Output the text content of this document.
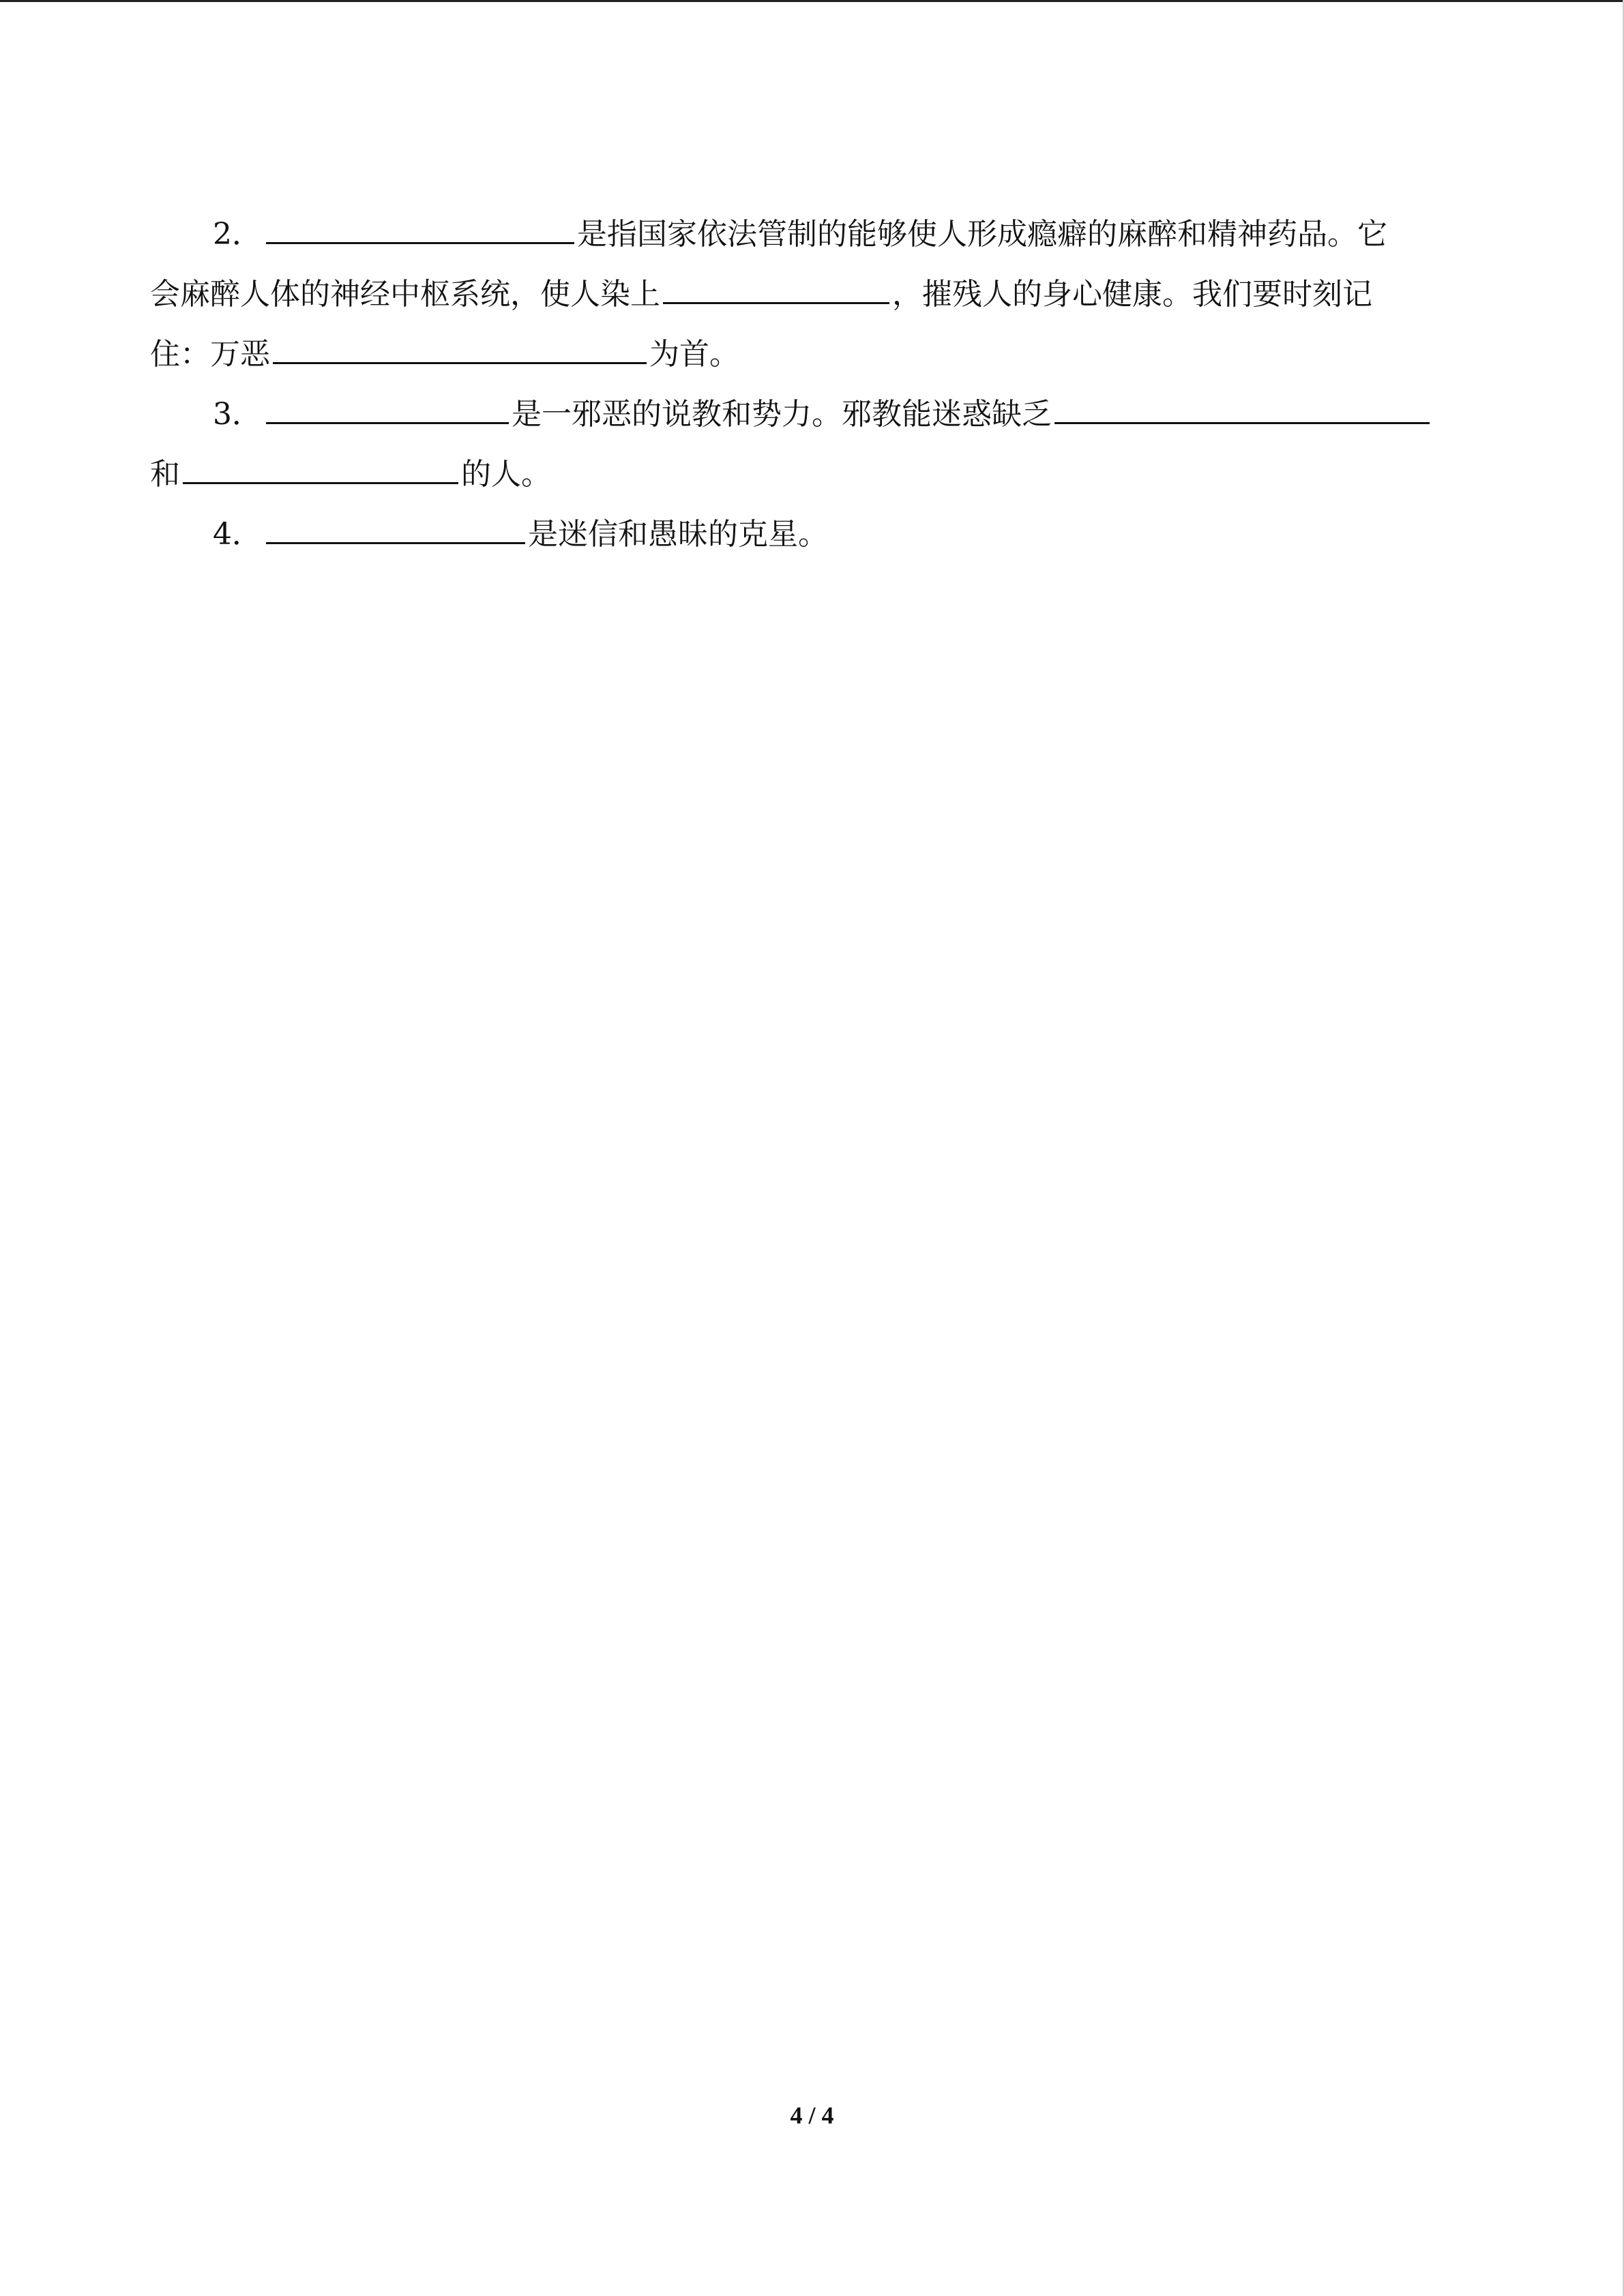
2．	是指国家依法管制的能够使人形成瘾癖的麻醉和精神药品。它
会麻醉人体的神经中枢系统，使人染上	，摧残人的身心健康。我们要时刻记
住：万恶	为首。
3．	是一邪恶的说教和势力。邪教能迷惑缺乏
和	的人。
4．	是迷信和愚昧的克星。
4 / 4
